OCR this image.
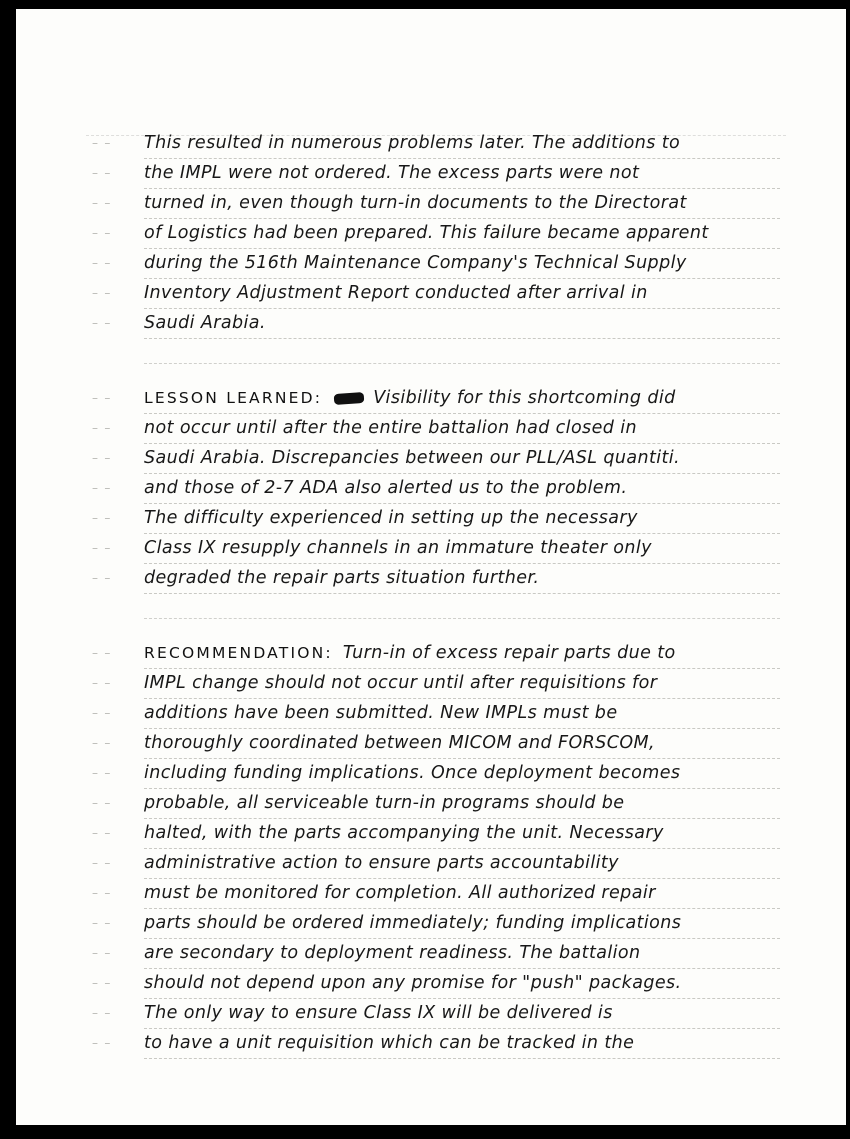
– – This resulted in numerous problems later. The additions to
– – the IMPL were not ordered. The excess parts were not
– – turned in, even though turn-in documents to the Directorat
– – of Logistics had been prepared. This failure became apparent
– – during the 516th Maintenance Company's Technical Supply
– – Inventory Adjustment Report conducted after arrival in
– – Saudi Arabia.
– – LESSON LEARNED:	Visibility for this shortcoming did
– – not occur until after the entire battalion had closed in
– – Saudi Arabia. Discrepancies between our PLL/ASL quantiti.
– – and those of 2-7 ADA also alerted us to the problem.
– – The difficulty experienced in setting up the necessary
– – Class IX resupply channels in an immature theater only
– – degraded the repair parts situation further.
– – RECOMMENDATION: Turn-in of excess repair parts due to
– – IMPL change should not occur until after requisitions for
– – additions have been submitted. New IMPLs must be
– – thoroughly coordinated between MICOM and FORSCOM,
– – including funding implications. Once deployment becomes
– – probable, all serviceable turn-in programs should be
– – halted, with the parts accompanying the unit. Necessary
– – administrative action to ensure parts accountability
– – must be monitored for completion. All authorized repair
– – parts should be ordered immediately; funding implications
– – are secondary to deployment readiness. The battalion
– – should not depend upon any promise for "push" packages.
– – The only way to ensure Class IX will be delivered is
– – to have a unit requisition which can be tracked in the
